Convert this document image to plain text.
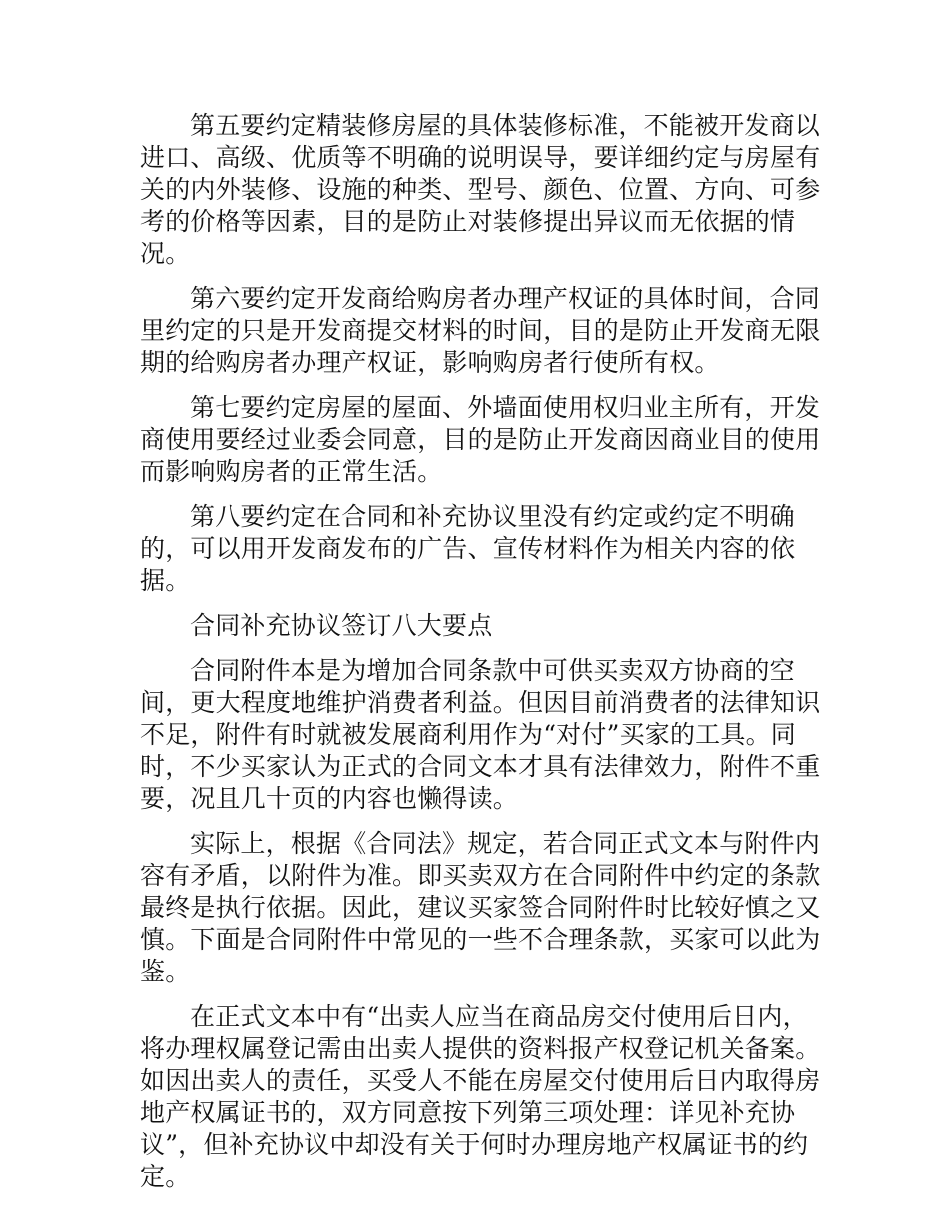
第五要约定精装修房屋的具体装修标准，不能被开发商以进口、高级、优质等不明确的说明误导，要详细约定与房屋有关的内外装修、设施的种类、型号、颜色、位置、方向、可参考的价格等因素，目的是防止对装修提出异议而无依据的情况。

第六要约定开发商给购房者办理产权证的具体时间，合同里约定的只是开发商提交材料的时间，目的是防止开发商无限期的给购房者办理产权证，影响购房者行使所有权。

第七要约定房屋的屋面、外墙面使用权归业主所有，开发商使用要经过业委会同意，目的是防止开发商因商业目的使用而影响购房者的正常生活。

第八要约定在合同和补充协议里没有约定或约定不明确的，可以用开发商发布的广告、宣传材料作为相关内容的依据。

合同补充协议签订八大要点

合同附件本是为增加合同条款中可供买卖双方协商的空间，更大程度地维护消费者利益。但因目前消费者的法律知识不足，附件有时就被发展商利用作为“对付”买家的工具。同时，不少买家认为正式的合同文本才具有法律效力，附件不重要，况且几十页的内容也懒得读。

实际上，根据《合同法》规定，若合同正式文本与附件内容有矛盾，以附件为准。即买卖双方在合同附件中约定的条款最终是执行依据。因此，建议买家签合同附件时比较好慎之又慎。下面是合同附件中常见的一些不合理条款，买家可以此为鉴。

在正式文本中有“出卖人应当在商品房交付使用后日内，将办理权属登记需由出卖人提供的资料报产权登记机关备案。如因出卖人的责任，买受人不能在房屋交付使用后日内取得房地产权属证书的，双方同意按下列第三项处理：详见补充协议”，但补充协议中却没有关于何时办理房地产权属证书的约定。
